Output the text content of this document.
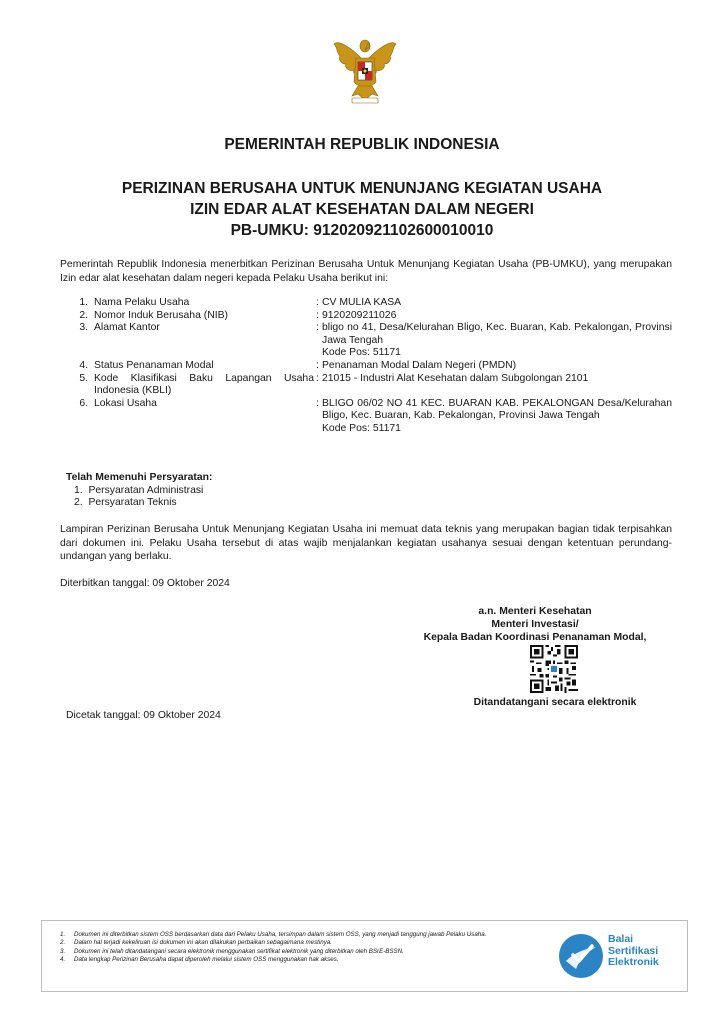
PEMERINTAH REPUBLIK INDONESIA
PERIZINAN BERUSAHA UNTUK MENUNJANG KEGIATAN USAHA
IZIN EDAR ALAT KESEHATAN DALAM NEGERI
PB-UMKU: 912020921102600010010
Pemerintah Republik Indonesia menerbitkan Perizinan Berusaha Untuk Menunjang Kegiatan Usaha (PB-UMKU), yang merupakan Izin edar alat kesehatan dalam negeri kepada Pelaku Usaha berikut ini:
1. Nama Pelaku Usaha	: CV MULIA KASA
2. Nomor Induk Berusaha (NIB)	: 9120209211026
3. Alamat Kantor	: bligo no 41, Desa/Kelurahan Bligo, Kec. Buaran, Kab. Pekalongan, Provinsi Jawa Tengah
Kode Pos: 51171
4. Status Penanaman Modal	: Penanaman Modal Dalam Negeri (PMDN)
5. Kode Klasifikasi Baku Lapangan Usaha Indonesia (KBLI)
: 21015 - Industri Alat Kesehatan dalam Subgolongan 2101
6. Lokasi Usaha	: BLIGO 06/02 NO 41 KEC. BUARAN KAB. PEKALONGAN Desa/Kelurahan Bligo, Kec. Buaran, Kab. Pekalongan, Provinsi Jawa Tengah
Kode Pos: 51171
Telah Memenuhi Persyaratan:
1.  Persyaratan Administrasi
2.  Persyaratan Teknis
Lampiran Perizinan Berusaha Untuk Menunjang Kegiatan Usaha ini memuat data teknis yang merupakan bagian tidak terpisahkan dari dokumen ini. Pelaku Usaha tersebut di atas wajib menjalankan kegiatan usahanya sesuai dengan ketentuan perundang-undangan yang berlaku.
Diterbitkan tanggal: 09 Oktober 2024
a.n. Menteri Kesehatan
Menteri Investasi/
Kepala Badan Koordinasi Penanaman Modal,
Ditandatangani secara elektronik
Dicetak tanggal: 09 Oktober 2024
1.	Dokumen ini diterbitkan sistem OSS berdasarkan data dari Pelaku Usaha, tersimpan dalam sistem OSS, yang menjadi tanggung jawab Pelaku Usaha.
2.	Dalam hal terjadi kekeliruan isi dokumen ini akan dilakukan perbaikan sebagaimana mestinya.
3.	Dokumen ini telah ditandatangani secara elektronik menggunakan sertifikat elektronik yang diterbitkan oleh BSrE-BSSN.
4.	Data lengkap Perizinan Berusaha dapat diperoleh melalui sistem OSS menggunakan hak akses.
Balai
Sertifikasi
Elektronik
